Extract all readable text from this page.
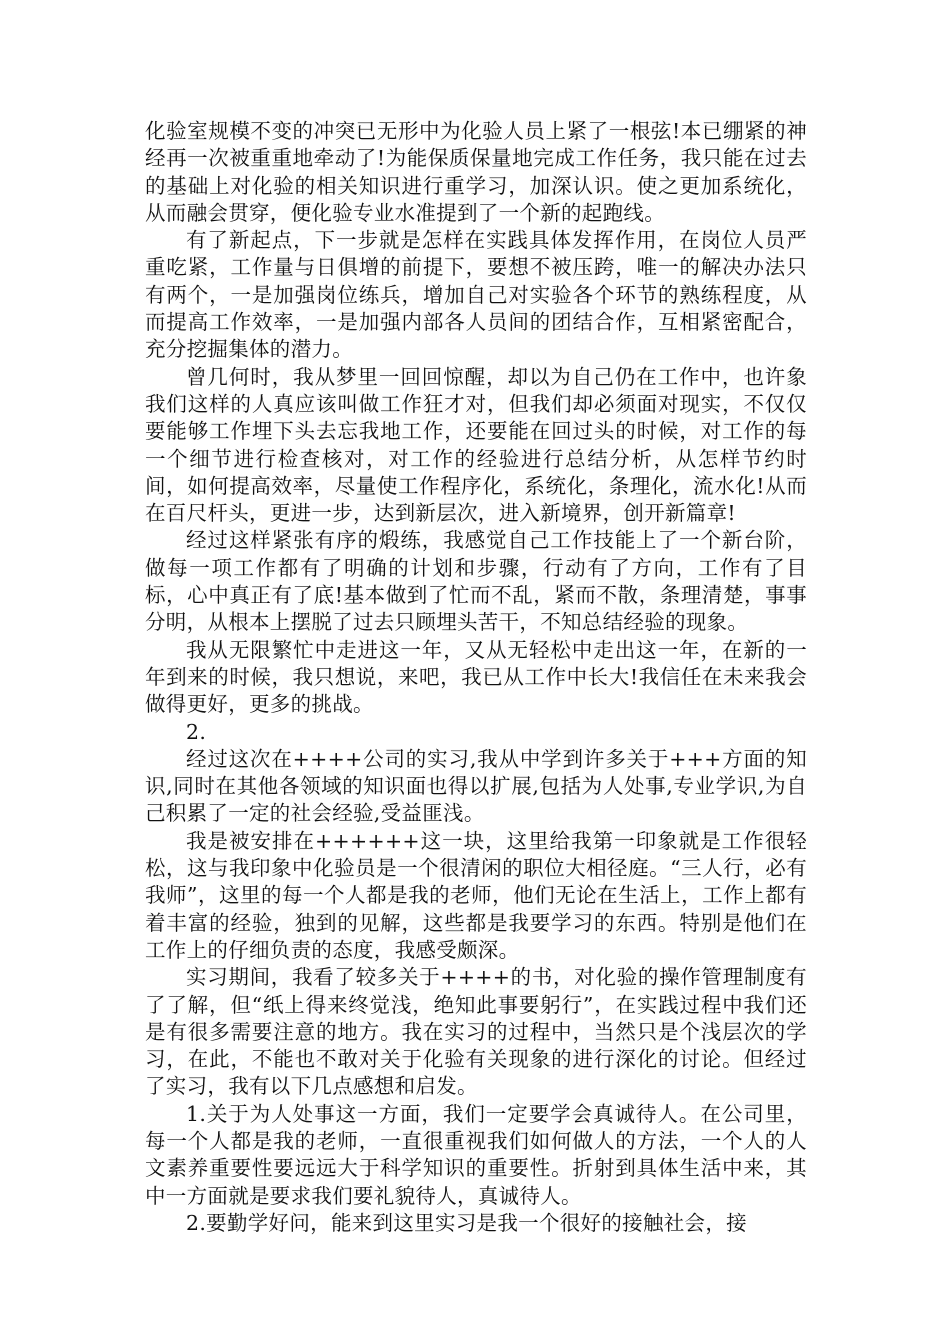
化验室规模不变的冲突已无形中为化验人员上紧了一根弦!本已绷紧的神经再一次被重重地牵动了!为能保质保量地完成工作任务，我只能在过去的基础上对化验的相关知识进行重学习，加深认识。使之更加系统化，从而融会贯穿，便化验专业水准提到了一个新的起跑线。

有了新起点，下一步就是怎样在实践具体发挥作用，在岗位人员严重吃紧，工作量与日俱增的前提下，要想不被压跨，唯一的解决办法只有两个，一是加强岗位练兵，增加自己对实验各个环节的熟练程度，从而提高工作效率，一是加强内部各人员间的团结合作，互相紧密配合，充分挖掘集体的潜力。

曾几何时，我从梦里一回回惊醒，却以为自己仍在工作中，也许象我们这样的人真应该叫做工作狂才对，但我们却必须面对现实，不仅仅要能够工作埋下头去忘我地工作，还要能在回过头的时候，对工作的每一个细节进行检查核对，对工作的经验进行总结分析，从怎样节约时间，如何提高效率，尽量使工作程序化，系统化，条理化，流水化!从而在百尺杆头，更进一步，达到新层次，进入新境界，创开新篇章!

经过这样紧张有序的煅练，我感觉自己工作技能上了一个新台阶，做每一项工作都有了明确的计划和步骤，行动有了方向，工作有了目标，心中真正有了底!基本做到了忙而不乱，紧而不散，条理清楚，事事分明，从根本上摆脱了过去只顾埋头苦干，不知总结经验的现象。

我从无限繁忙中走进这一年，又从无轻松中走出这一年，在新的一年到来的时候，我只想说，来吧，我已从工作中长大!我信任在未来我会做得更好，更多的挑战。

2.

经过这次在++++公司的实习,我从中学到许多关于+++方面的知识,同时在其他各领域的知识面也得以扩展,包括为人处事,专业学识,为自己积累了一定的社会经验,受益匪浅。

我是被安排在++++++这一块，这里给我第一印象就是工作很轻松，这与我印象中化验员是一个很清闲的职位大相径庭。“三人行，必有我师”，这里的每一个人都是我的老师，他们无论在生活上，工作上都有着丰富的经验，独到的见解，这些都是我要学习的东西。特别是他们在工作上的仔细负责的态度，我感受颇深。

实习期间，我看了较多关于++++的书，对化验的操作管理制度有了了解，但“纸上得来终觉浅，绝知此事要躬行”，在实践过程中我们还是有很多需要注意的地方。我在实习的过程中，当然只是个浅层次的学习，在此，不能也不敢对关于化验有关现象的进行深化的讨论。但经过了实习，我有以下几点感想和启发。

1.关于为人处事这一方面，我们一定要学会真诚待人。在公司里，每一个人都是我的老师，一直很重视我们如何做人的方法，一个人的人文素养重要性要远远大于科学知识的重要性。折射到具体生活中来，其中一方面就是要求我们要礼貌待人，真诚待人。

2.要勤学好问，能来到这里实习是我一个很好的接触社会，接
